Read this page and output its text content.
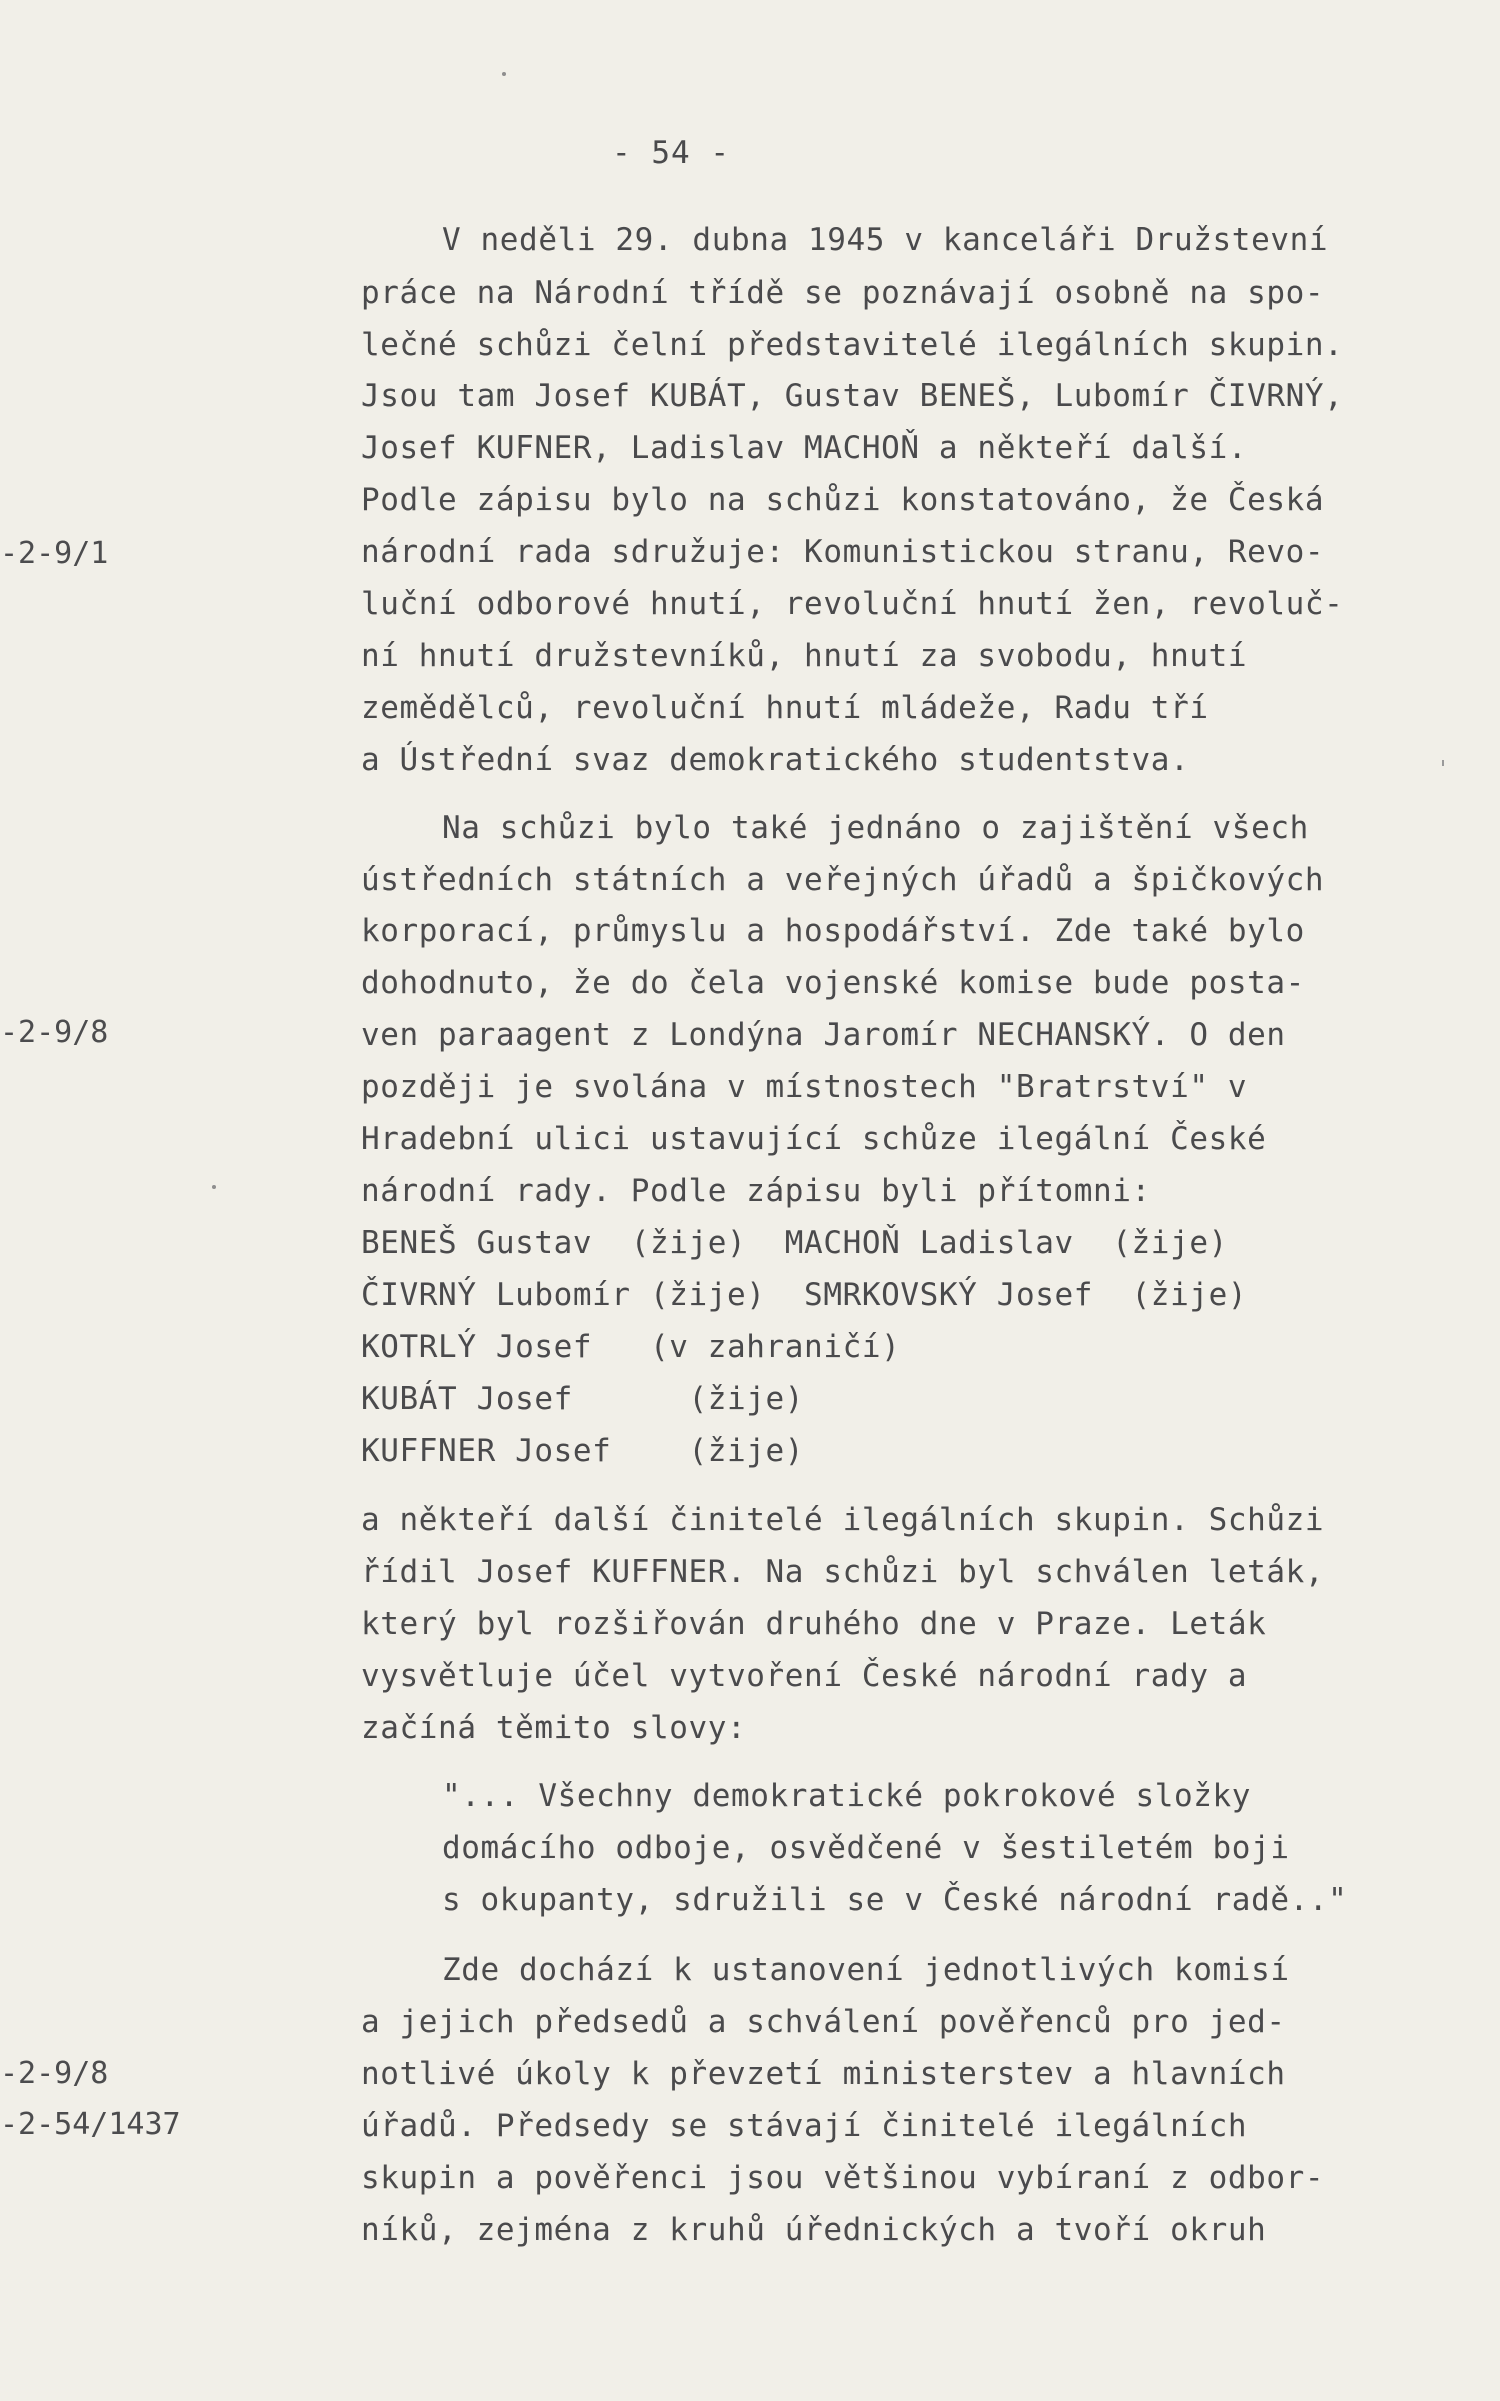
- 54 -
-2-9/1
-2-9/8
-2-9/8
-2-54/1437
V neděli 29. dubna 1945 v kanceláři Družstevní
práce na Národní třídě se poznávají osobně na spo-
lečné schůzi čelní představitelé ilegálních skupin.
Jsou tam Josef KUBÁT, Gustav BENEŠ, Lubomír ČIVRNÝ,
Josef KUFNER, Ladislav MACHOŇ a někteří další.
Podle zápisu bylo na schůzi konstatováno, že Česká
národní rada sdružuje: Komunistickou stranu, Revo-
luční odborové hnutí, revoluční hnutí žen, revoluč-
ní hnutí družstevníků, hnutí za svobodu, hnutí
zemědělců, revoluční hnutí mládeže, Radu tří
a Ústřední svaz demokratického studentstva.
Na schůzi bylo také jednáno o zajištění všech
ústředních státních a veřejných úřadů a špičkových
korporací, průmyslu a hospodářství. Zde také bylo
dohodnuto, že do čela vojenské komise bude posta-
ven paraagent z Londýna Jaromír NECHANSKÝ. O den
později je svolána v místnostech "Bratrství" v
Hradební ulici ustavující schůze ilegální České
národní rady. Podle zápisu byli přítomni:
BENEŠ Gustav  (žije)  MACHOŇ Ladislav  (žije)
ČIVRNÝ Lubomír (žije)  SMRKOVSKÝ Josef  (žije)
KOTRLÝ Josef   (v zahraničí)
KUBÁT Josef      (žije)
KUFFNER Josef    (žije)
a někteří další činitelé ilegálních skupin. Schůzi
řídil Josef KUFFNER. Na schůzi byl schválen leták,
který byl rozšiřován druhého dne v Praze. Leták
vysvětluje účel vytvoření České národní rady a
začíná těmito slovy:
"... Všechny demokratické pokrokové složky
domácího odboje, osvědčené v šestiletém boji
s okupanty, sdružili se v České národní radě.."
Zde dochází k ustanovení jednotlivých komisí
a jejich předsedů a schválení pověřenců pro jed-
notlivé úkoly k převzetí ministerstev a hlavních
úřadů. Předsedy se stávají činitelé ilegálních
skupin a pověřenci jsou většinou vybíraní z odbor-
níků, zejména z kruhů úřednických a tvoří okruh
